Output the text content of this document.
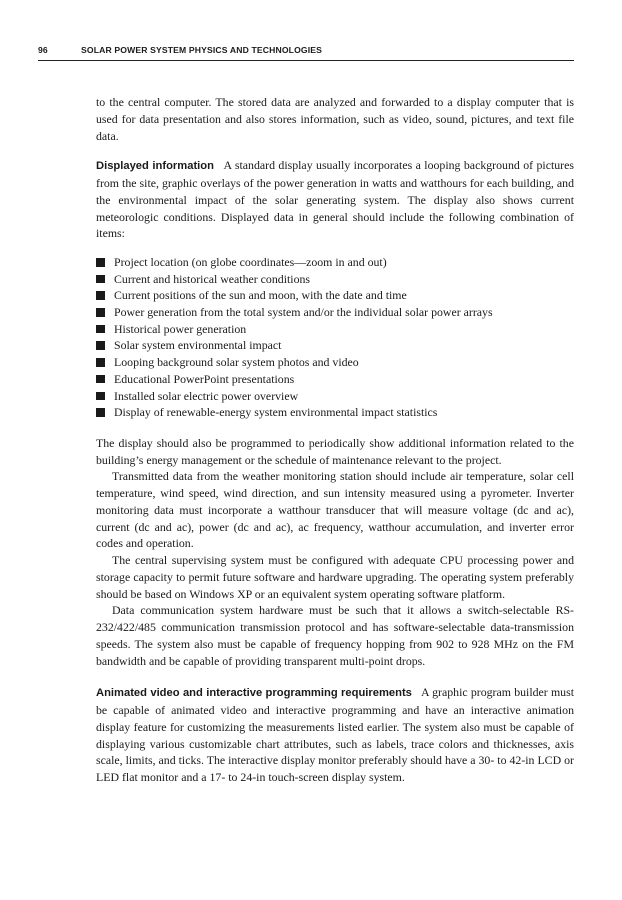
96	SOLAR POWER SYSTEM PHYSICS AND TECHNOLOGIES

to the central computer. The stored data are analyzed and forwarded to a display computer that is used for data presentation and also stores information, such as video, sound, pictures, and text file data.

Displayed information A standard display usually incorporates a looping background of pictures from the site, graphic overlays of the power generation in watts and watthours for each building, and the environmental impact of the solar generating system. The display also shows current meteorologic conditions. Displayed data in general should include the following combination of items:

Project location (on globe coordinates—zoom in and out)
Current and historical weather conditions
Current positions of the sun and moon, with the date and time
Power generation from the total system and/or the individual solar power arrays
Historical power generation
Solar system environmental impact
Looping background solar system photos and video
Educational PowerPoint presentations
Installed solar electric power overview
Display of renewable-energy system environmental impact statistics

The display should also be programmed to periodically show additional information related to the building’s energy management or the schedule of maintenance relevant to the project.

Transmitted data from the weather monitoring station should include air temperature, solar cell temperature, wind speed, wind direction, and sun intensity measured using a pyrometer. Inverter monitoring data must incorporate a watthour transducer that will measure voltage (dc and ac), current (dc and ac), power (dc and ac), ac frequency, watthour accumulation, and inverter error codes and operation.

The central supervising system must be configured with adequate CPU processing power and storage capacity to permit future software and hardware upgrading. The operating system preferably should be based on Windows XP or an equivalent system operating software platform.

Data communication system hardware must be such that it allows a switch-selectable RS-232/422/485 communication transmission protocol and has software-selectable data-transmission speeds. The system also must be capable of frequency hopping from 902 to 928 MHz on the FM bandwidth and be capable of providing transparent multi-point drops.

Animated video and interactive programming requirements A graphic program builder must be capable of animated video and interactive programming and have an interactive animation display feature for customizing the measurements listed earlier. The system also must be capable of displaying various customizable chart attributes, such as labels, trace colors and thicknesses, axis scale, limits, and ticks. The interactive display monitor preferably should have a 30- to 42-in LCD or LED flat monitor and a 17- to 24-in touch-screen display system.
